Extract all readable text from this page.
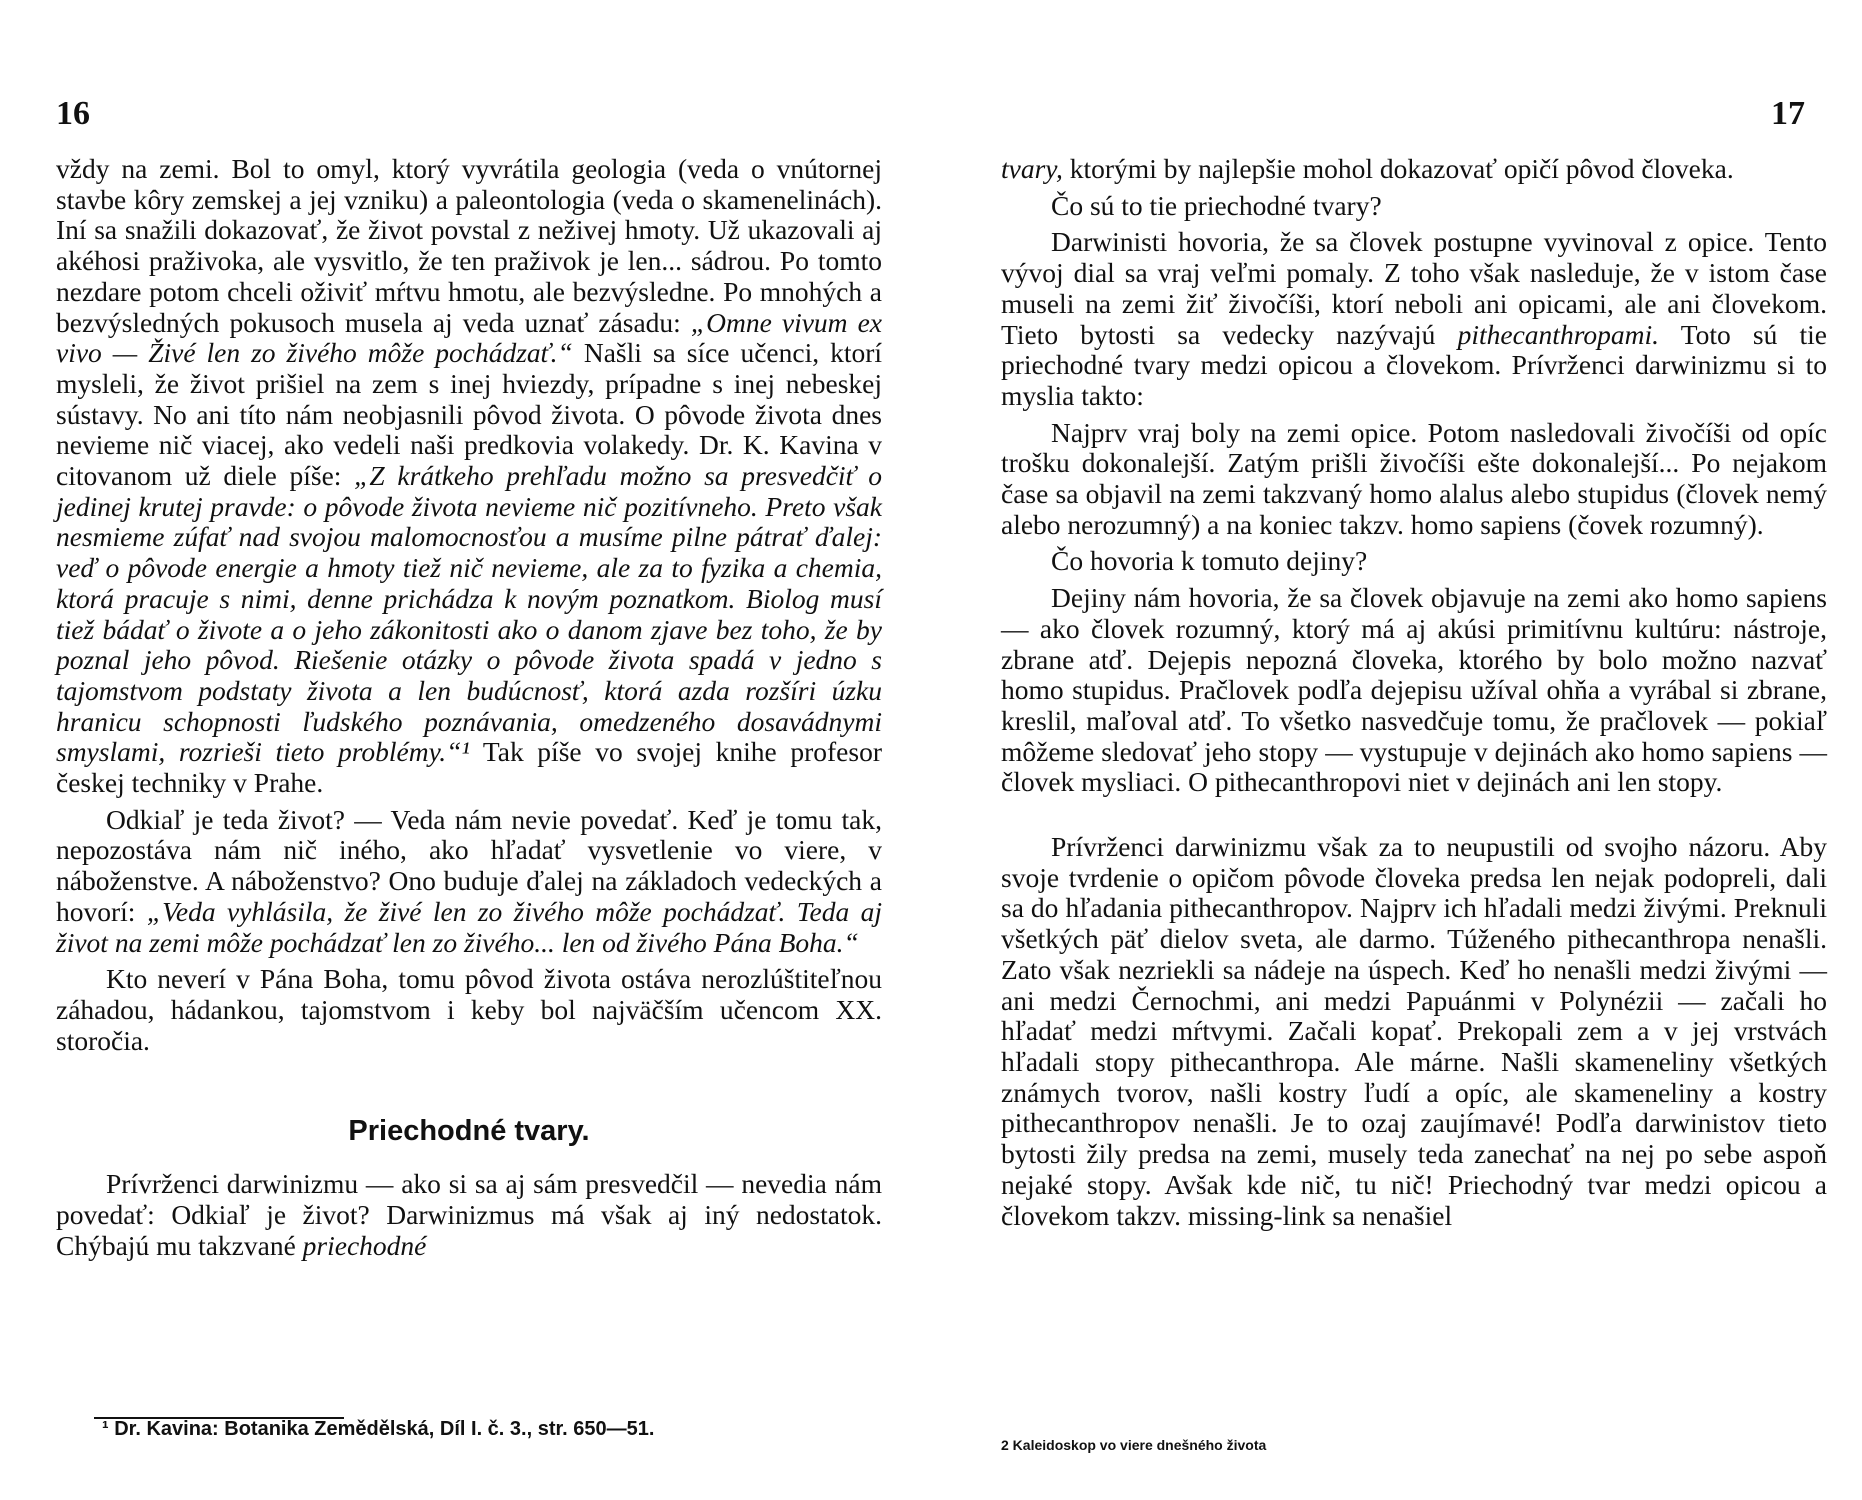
16

vždy na zemi. Bol to omyl, ktorý vyvrátila geologia (veda o vnútornej stavbe kôry zemskej a jej vzniku) a paleontologia (veda o skamenelinách). Iní sa snažili dokazovať, že život povstal z neživej hmoty. Už ukazovali aj akéhosi praživoka, ale vysvitlo, že ten praživok je len... sádrou. Po tomto nezdare potom chceli oživiť mŕtvu hmotu, ale bezvýsledne. Po mnohých a bezvýsledných pokusoch musela aj veda uznať zásadu: „Omne vivum ex vivo — Živé len zo živého môže pochádzať.“ Našli sa síce učenci, ktorí mysleli, že život prišiel na zem s inej hviezdy, prípadne s inej nebeskej sústavy. No ani títo nám neobjasnili pôvod života. O pôvode života dnes nevieme nič viacej, ako vedeli naši predkovia volakedy. Dr. K. Kavina v citovanom už diele píše: „Z krátkeho prehľadu možno sa presvedčiť o jedinej krutej pravde: o pôvode života nevieme nič pozitívneho. Preto však nesmieme zúfať nad svojou malomocnosťou a musíme pilne pátrať ďalej: veď o pôvode energie a hmoty tiež nič nevieme, ale za to fyzika a chemia, ktorá pracuje s nimi, denne prichádza k novým poznatkom. Biolog musí tiež bádať o živote a o jeho zákonitosti ako o danom zjave bez toho, že by poznal jeho pôvod. Riešenie otázky o pôvode života spadá v jedno s tajomstvom podstaty života a len budúcnosť, ktorá azda rozšíri úzku hranicu schopnosti ľudského poznávania, omedzeného dosavádnymi smyslami, rozrieši tieto problémy.“¹ Tak píše vo svojej knihe profesor českej techniky v Prahe.

Odkiaľ je teda život? — Veda nám nevie povedať. Keď je tomu tak, nepozostáva nám nič iného, ako hľadať vysvetlenie vo viere, v náboženstve. A náboženstvo? Ono buduje ďalej na základoch vedeckých a hovorí: „Veda vyhlásila, že živé len zo živého môže pochádzať. Teda aj život na zemi môže pochádzať len zo živého... len od živého Pána Boha.“

Kto neverí v Pána Boha, tomu pôvod života ostáva nerozlúštiteľnou záhadou, hádankou, tajomstvom i keby bol najväčším učencom XX. storočia.

Priechodné tvary.

Prívrženci darwinizmu — ako si sa aj sám presvedčil — nevedia nám povedať: Odkiaľ je život? Darwinizmus má však aj iný nedostatok. Chýbajú mu takzvané priechodné

¹ Dr. Kavina: Botanika Zemědělská, Díl I. č. 3., str. 650—51.
17

tvary, ktorými by najlepšie mohol dokazovať opičí pôvod človeka.

Čo sú to tie priechodné tvary?

Darwinisti hovoria, že sa človek postupne vyvinoval z opice. Tento vývoj dial sa vraj veľmi pomaly. Z toho však nasleduje, že v istom čase museli na zemi žiť živočíši, ktorí neboli ani opicami, ale ani človekom. Tieto bytosti sa vedecky nazývajú pithecanthropami. Toto sú tie priechodné tvary medzi opicou a človekom. Prívrženci darwinizmu si to myslia takto:

Najprv vraj boly na zemi opice. Potom nasledovali živočíši od opíc trošku dokonalejší. Zatým prišli živočíši ešte dokonalejší... Po nejakom čase sa objavil na zemi takzvaný homo alalus alebo stupidus (človek nemý alebo nerozumný) a na koniec takzv. homo sapiens (čovek rozumný).

Čo hovoria k tomuto dejiny?

Dejiny nám hovoria, že sa človek objavuje na zemi ako homo sapiens — ako človek rozumný, ktorý má aj akúsi primitívnu kultúru: nástroje, zbrane atď. Dejepis nepozná človeka, ktorého by bolo možno nazvať homo stupidus. Pračlovek podľa dejepisu užíval ohňa a vyrábal si zbrane, kreslil, maľoval atď. To všetko nasvedčuje tomu, že pračlovek — pokiaľ môžeme sledovať jeho stopy — vystupuje v dejinách ako homo sapiens — človek mysliaci. O pithecanthropovi niet v dejinách ani len stopy.

Prívrženci darwinizmu však za to neupustili od svojho názoru. Aby svoje tvrdenie o opičom pôvode človeka predsa len nejak podopreli, dali sa do hľadania pithecanthropov. Najprv ich hľadali medzi živými. Preknuli všetkých päť dielov sveta, ale darmo. Túženého pithecanthropa nenašli. Zato však nezriekli sa nádeje na úspech. Keď ho nenašli medzi živými — ani medzi Černochmi, ani medzi Papuánmi v Polynézii — začali ho hľadať medzi mŕtvymi. Začali kopať. Prekopali zem a v jej vrstvách hľadali stopy pithecanthropa. Ale márne. Našli skameneliny všetkých známych tvorov, našli kostry ľudí a opíc, ale skameneliny a kostry pithecanthropov nenašli. Je to ozaj zaujímavé! Podľa darwinistov tieto bytosti žily predsa na zemi, musely teda zanechať na nej po sebe aspoň nejaké stopy. Avšak kde nič, tu nič! Priechodný tvar medzi opicou a človekom takzv. missing-link sa nenašiel

2 Kaleidoskop vo viere dnešného života
